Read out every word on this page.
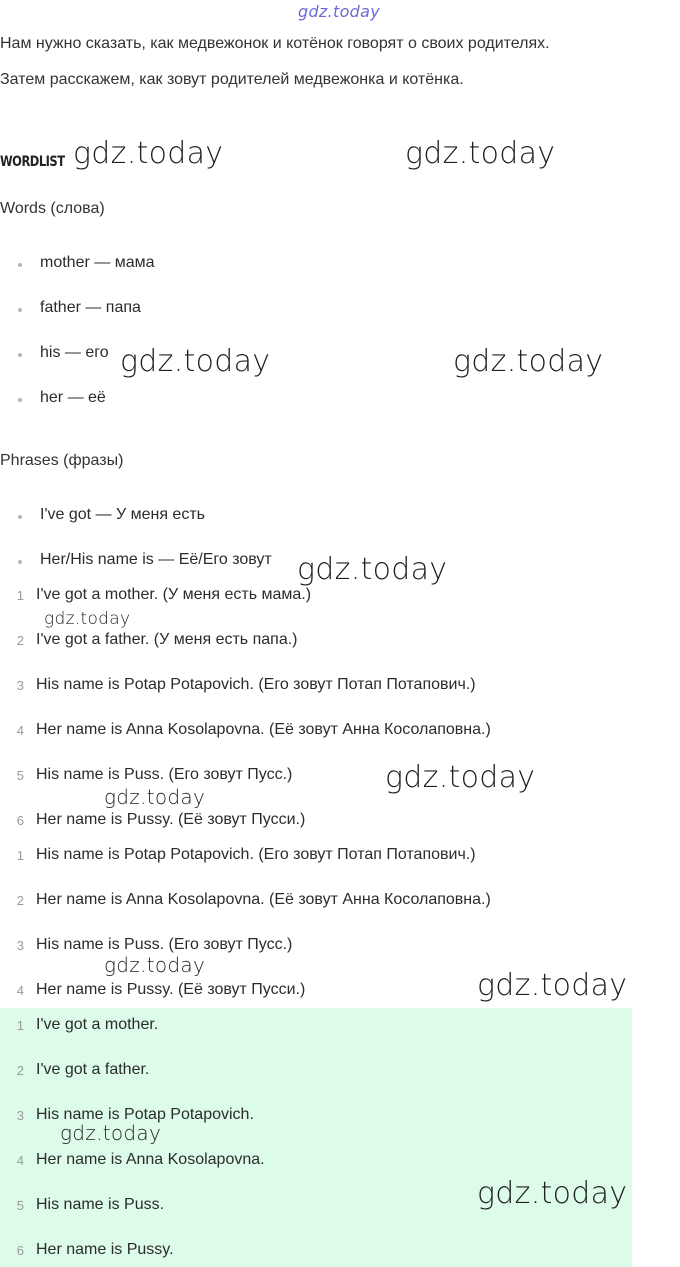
gdz.today
Нам нужно сказать, как медвежонок и котёнок говорят о своих родителях.
Затем расскажем, как зовут родителей медвежонка и котёнка.
WORDLIST gdz.today	gdz.today
Words (слова)
mother — мама
father — папа
his — его
her — её
gdz.today	gdz.today
Phrases (фразы)
I've got — У меня есть
Her/His name is — Её/Его зовут gdz.today
1 I've got a mother. (У меня есть мама.)
2 I've got a father. (У меня есть папа.)
3 His name is Potap Potapovich. (Его зовут Потап Потапович.)
4 Her name is Anna Kosolapovna. (Её зовут Анна Косолаповна.)
5 His name is Puss. (Его зовут Пусс.)
6 Her name is Pussy. (Её зовут Пусси.)
gdz.today
gdz.today
gdz.today
1 His name is Potap Potapovich. (Его зовут Потап Потапович.)
2 Her name is Anna Kosolapovna. (Её зовут Анна Косолаповна.)
3 His name is Puss. (Его зовут Пусс.)
4 Her name is Pussy. (Её зовут Пусси.)
gdz.today
gdz.today
1 I've got a mother.
2 I've got a father.
3 His name is Potap Potapovich.
4 Her name is Anna Kosolapovna.
5 His name is Puss.
6 Her name is Pussy.
gdz.today
gdz.today
